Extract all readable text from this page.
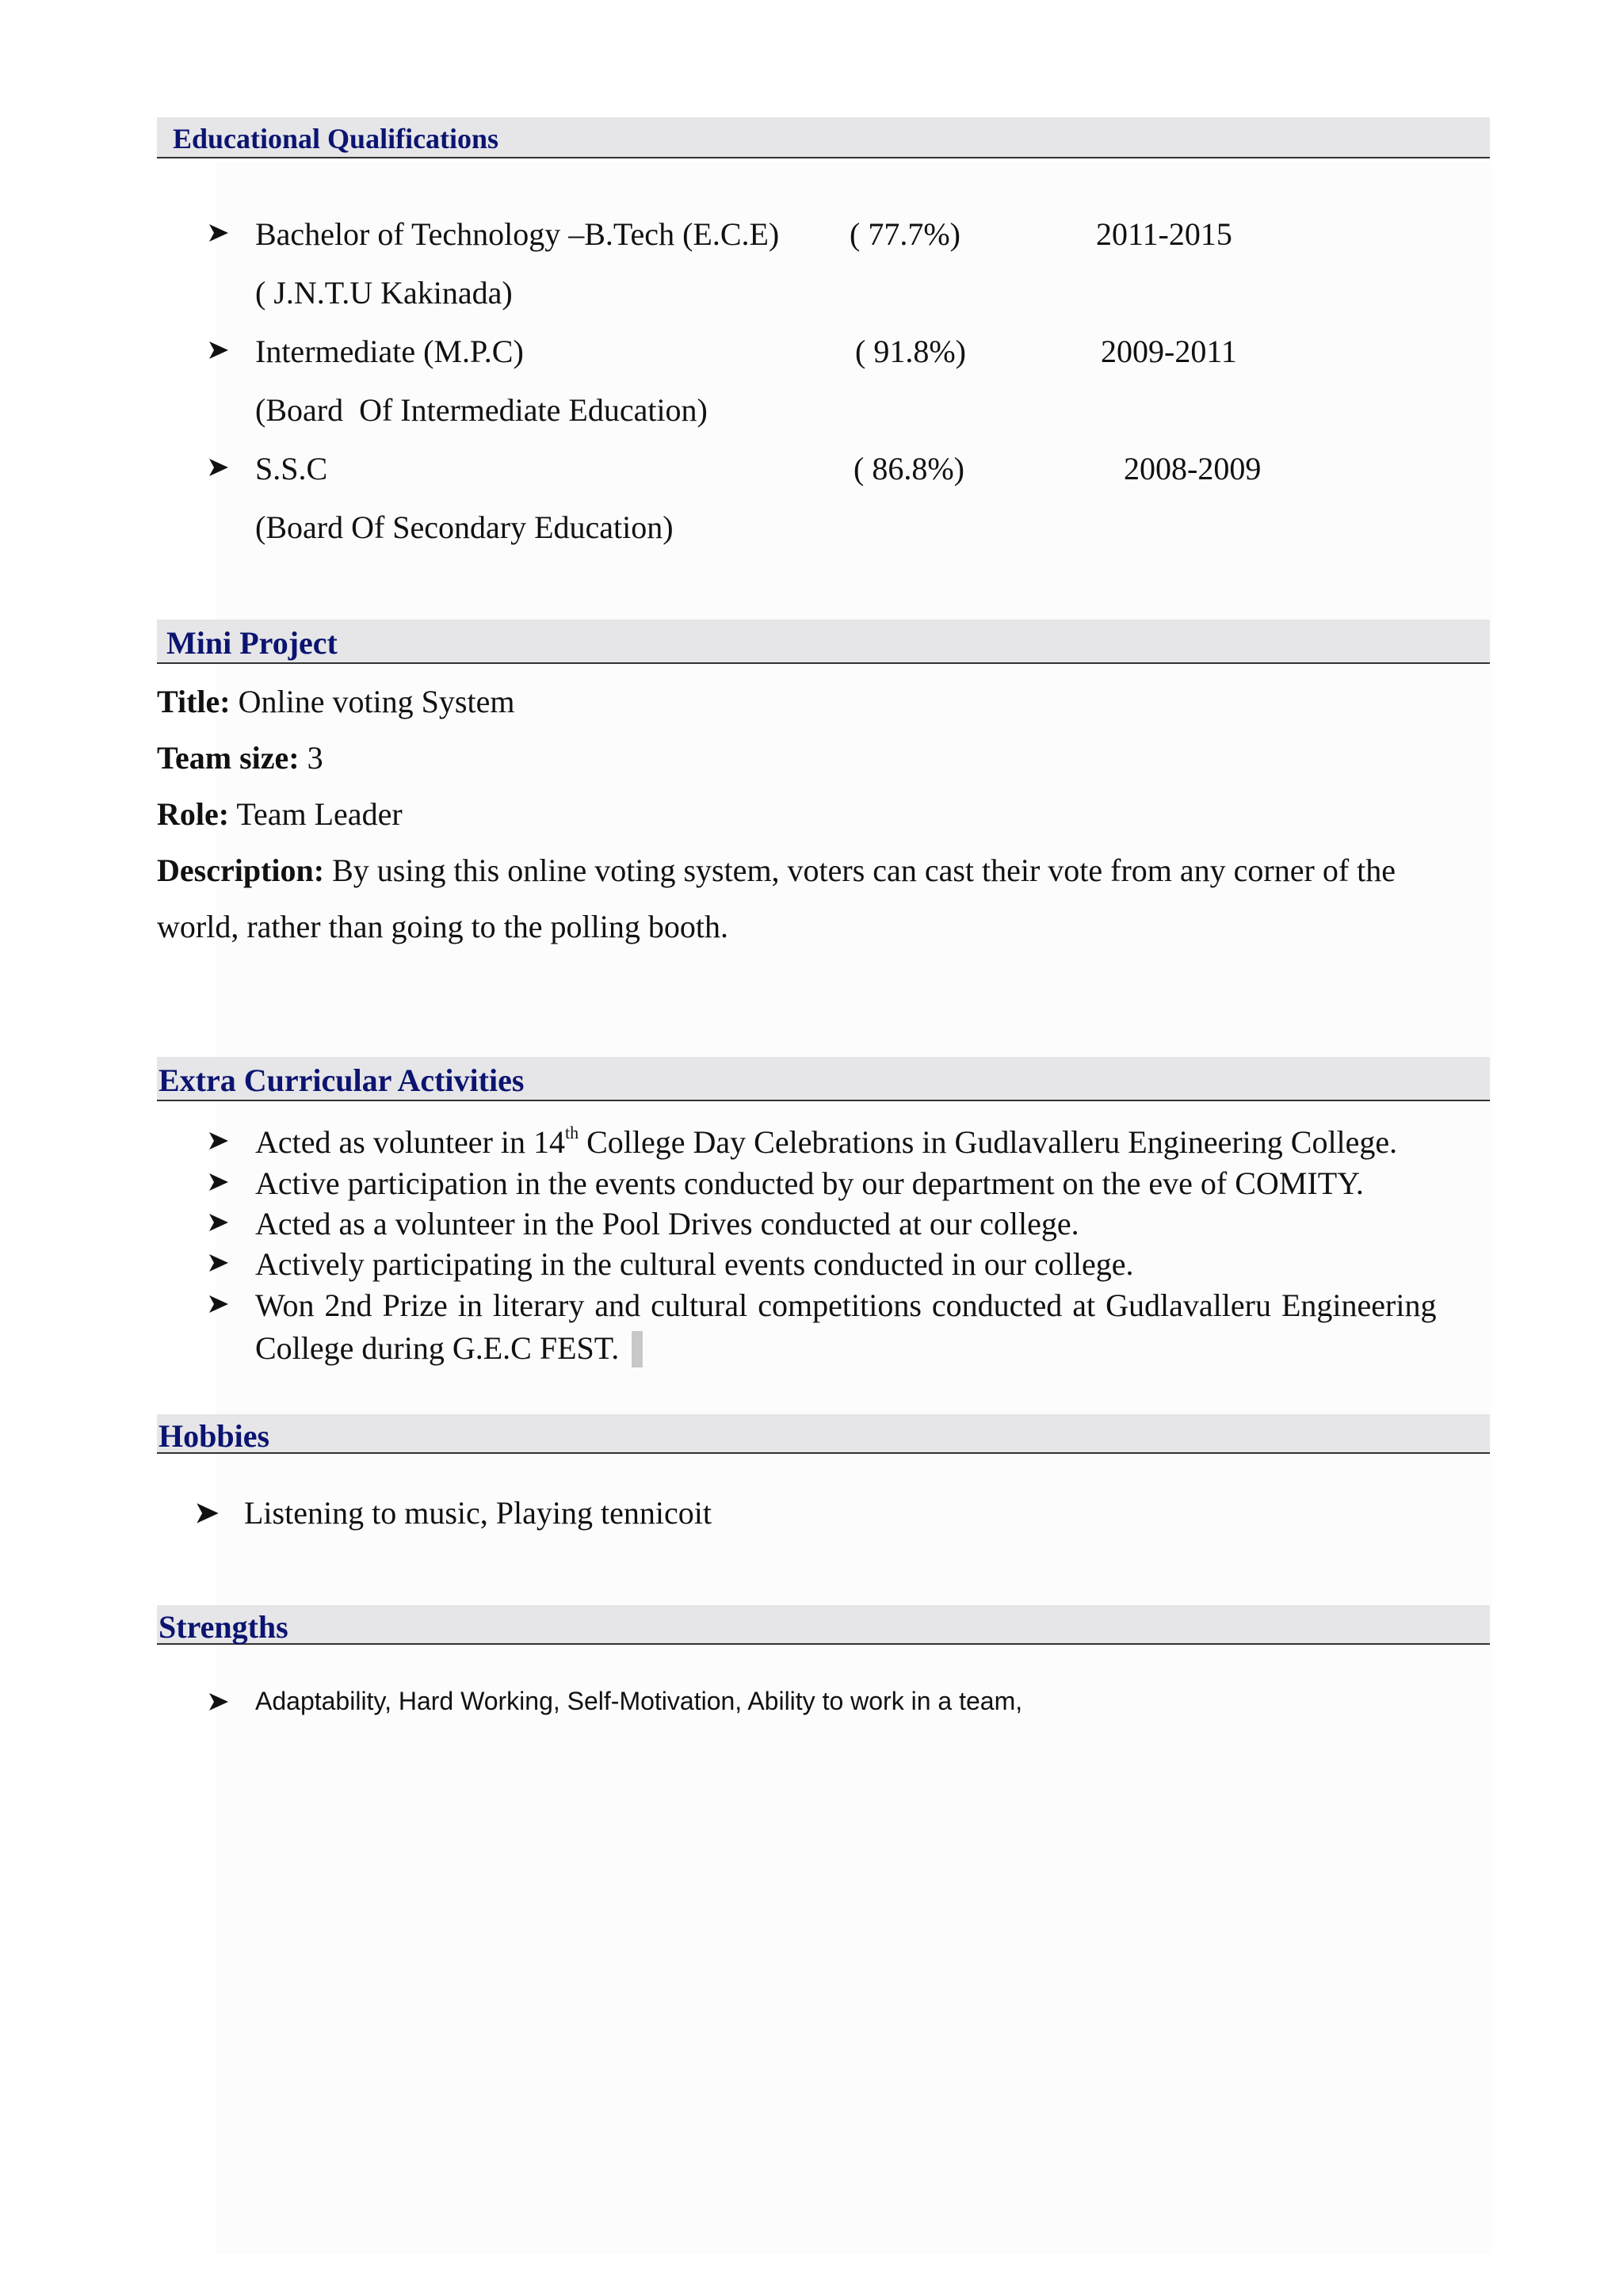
Educational Qualifications
Bachelor of Technology –B.Tech (E.C.E) ( 77.7%)	2011-2015
( J.N.T.U Kakinada)
Intermediate (M.P.C)	( 91.8%)	2009-2011
(Board  Of Intermediate Education)
S.S.C	( 86.8%)	2008-2009
(Board Of Secondary Education)
Mini Project
Title: Online voting System
Team size: 3
Role: Team Leader
Description: By using this online voting system, voters can cast their vote from any corner of the
world, rather than going to the polling booth.
Extra Curricular Activities
Acted as volunteer in 14th College Day Celebrations in Gudlavalleru Engineering College.
Active participation in the events conducted by our department on the eve of COMITY.
Acted as a volunteer in the Pool Drives conducted at our college.
Actively participating in the cultural events conducted in our college.
Won 2nd Prize in literary and cultural competitions conducted at Gudlavalleru Engineering
College during G.E.C FEST.
Hobbies
Listening to music, Playing tennicoit
Strengths
Adaptability, Hard Working, Self-Motivation, Ability to work in a team,
